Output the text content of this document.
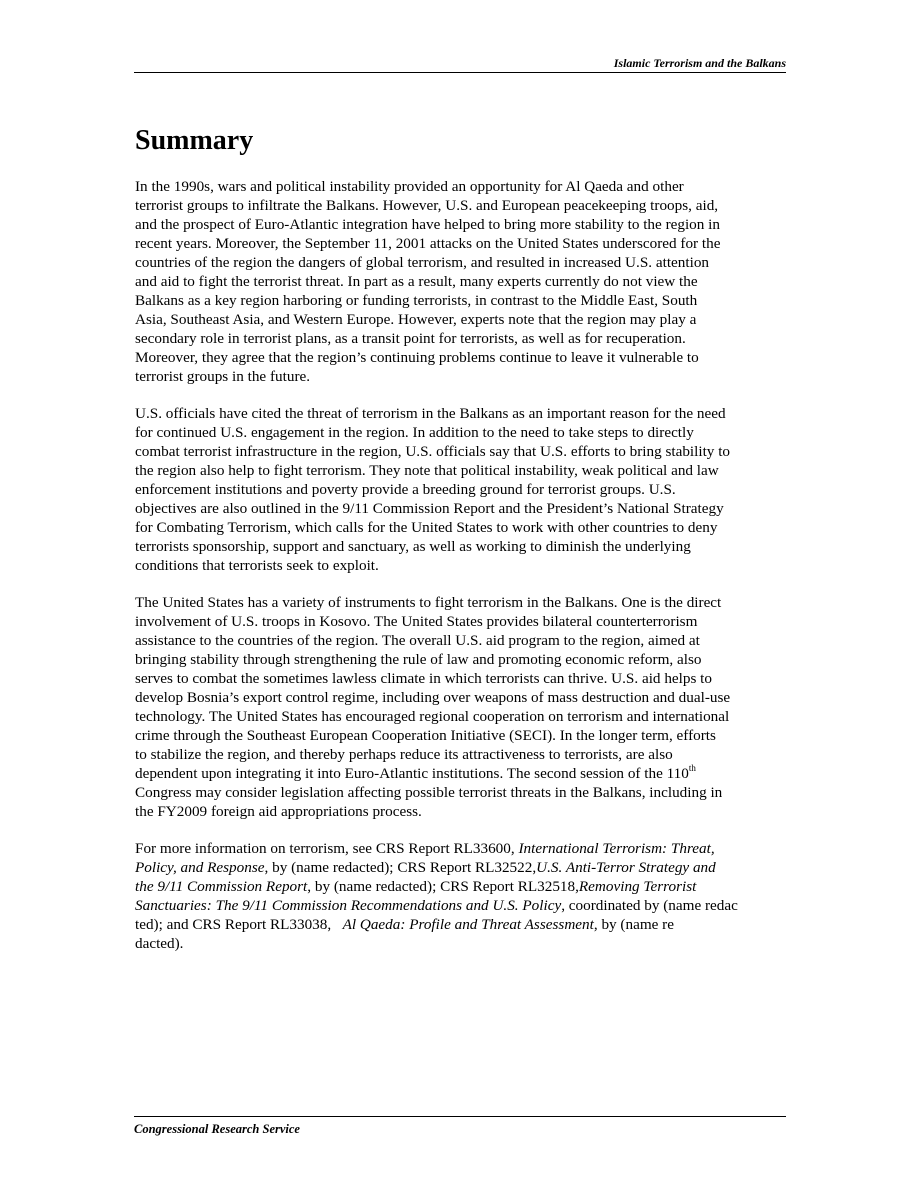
Islamic Terrorism and the Balkans
Summary
In the 1990s, wars and political instability provided an opportunity for Al Qaeda and other
terrorist groups to infiltrate the Balkans. However, U.S. and European peacekeeping troops, aid,
and the prospect of Euro-Atlantic integration have helped to bring more stability to the region in
recent years. Moreover, the September 11, 2001 attacks on the United States underscored for the
countries of the region the dangers of global terrorism, and resulted in increased U.S. attention
and aid to fight the terrorist threat. In part as a result, many experts currently do not view the
Balkans as a key region harboring or funding terrorists, in contrast to the Middle East, South
Asia, Southeast Asia, and Western Europe. However, experts note that the region may play a
secondary role in terrorist plans, as a transit point for terrorists, as well as for recuperation.
Moreover, they agree that the region’s continuing problems continue to leave it vulnerable to
terrorist groups in the future.
U.S. officials have cited the threat of terrorism in the Balkans as an important reason for the need
for continued U.S. engagement in the region. In addition to the need to take steps to directly
combat terrorist infrastructure in the region, U.S. officials say that U.S. efforts to bring stability to
the region also help to fight terrorism. They note that political instability, weak political and law
enforcement institutions and poverty provide a breeding ground for terrorist groups. U.S.
objectives are also outlined in the 9/11 Commission Report and the President’s National Strategy
for Combating Terrorism, which calls for the United States to work with other countries to deny
terrorists sponsorship, support and sanctuary, as well as working to diminish the underlying
conditions that terrorists seek to exploit.
The United States has a variety of instruments to fight terrorism in the Balkans. One is the direct
involvement of U.S. troops in Kosovo. The United States provides bilateral counterterrorism
assistance to the countries of the region. The overall U.S. aid program to the region, aimed at
bringing stability through strengthening the rule of law and promoting economic reform, also
serves to combat the sometimes lawless climate in which terrorists can thrive. U.S. aid helps to
develop Bosnia’s export control regime, including over weapons of mass destruction and dual-use
technology. The United States has encouraged regional cooperation on terrorism and international
crime through the Southeast European Cooperation Initiative (SECI). In the longer term, efforts
to stabilize the region, and thereby perhaps reduce its attractiveness to terrorists, are also
dependent upon integrating it into Euro-Atlantic institutions. The second session of the 110th
Congress may consider legislation affecting possible terrorist threats in the Balkans, including in
the FY2009 foreign aid appropriations process.
For more information on terrorism, see CRS Report RL33600, International Terrorism: Threat,
Policy, and Response, by (name redacted); CRS Report RL32522,U.S. Anti-Terror Strategy and
the 9/11 Commission Report, by (name redacted); CRS Report RL32518,Removing Terrorist
Sanctuaries: The 9/11 Commission Recommendations and U.S. Policy, coordinated by (name redac
ted); and CRS Report RL33038,   Al Qaeda: Profile and Threat Assessment, by (name re
dacted).
Congressional Research Service
